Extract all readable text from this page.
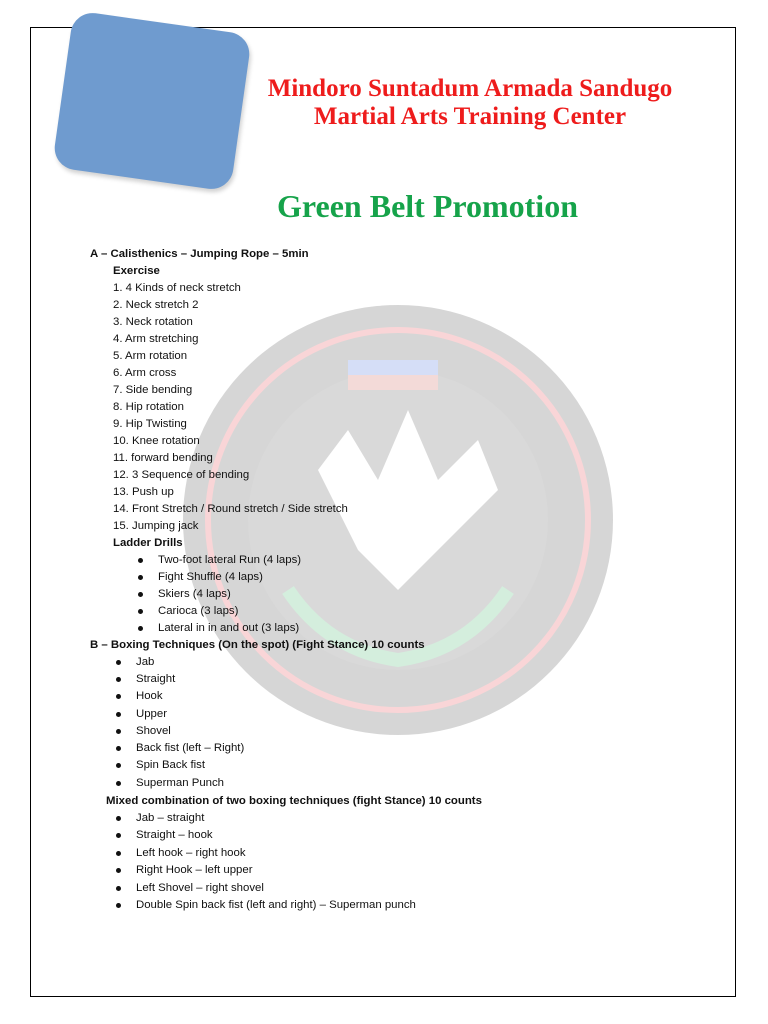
Mindoro Suntadum Armada Sandugo
Martial Arts Training Center
Green Belt Promotion
A – Calisthenics – Jumping Rope – 5min
Exercise
1. 4 Kinds of neck stretch
2. Neck stretch 2
3. Neck rotation
4. Arm stretching
5. Arm rotation
6. Arm cross
7. Side bending
8. Hip rotation
9. Hip Twisting
10. Knee rotation
11. forward bending
12. 3 Sequence of bending
13. Push up
14. Front Stretch / Round stretch / Side stretch
15. Jumping jack
Ladder Drills
Two-foot lateral Run (4 laps)
Fight Shuffle (4 laps)
Skiers (4 laps)
Carioca (3 laps)
Lateral in in and out (3 laps)
B – Boxing Techniques (On the spot) (Fight Stance) 10 counts
Jab
Straight
Hook
Upper
Shovel
Back fist (left – Right)
Spin Back fist
Superman Punch
Mixed combination of two boxing techniques (fight Stance) 10 counts
Jab – straight
Straight – hook
Left hook – right hook
Right Hook – left upper
Left Shovel – right shovel
Double Spin back fist (left and right) – Superman punch
